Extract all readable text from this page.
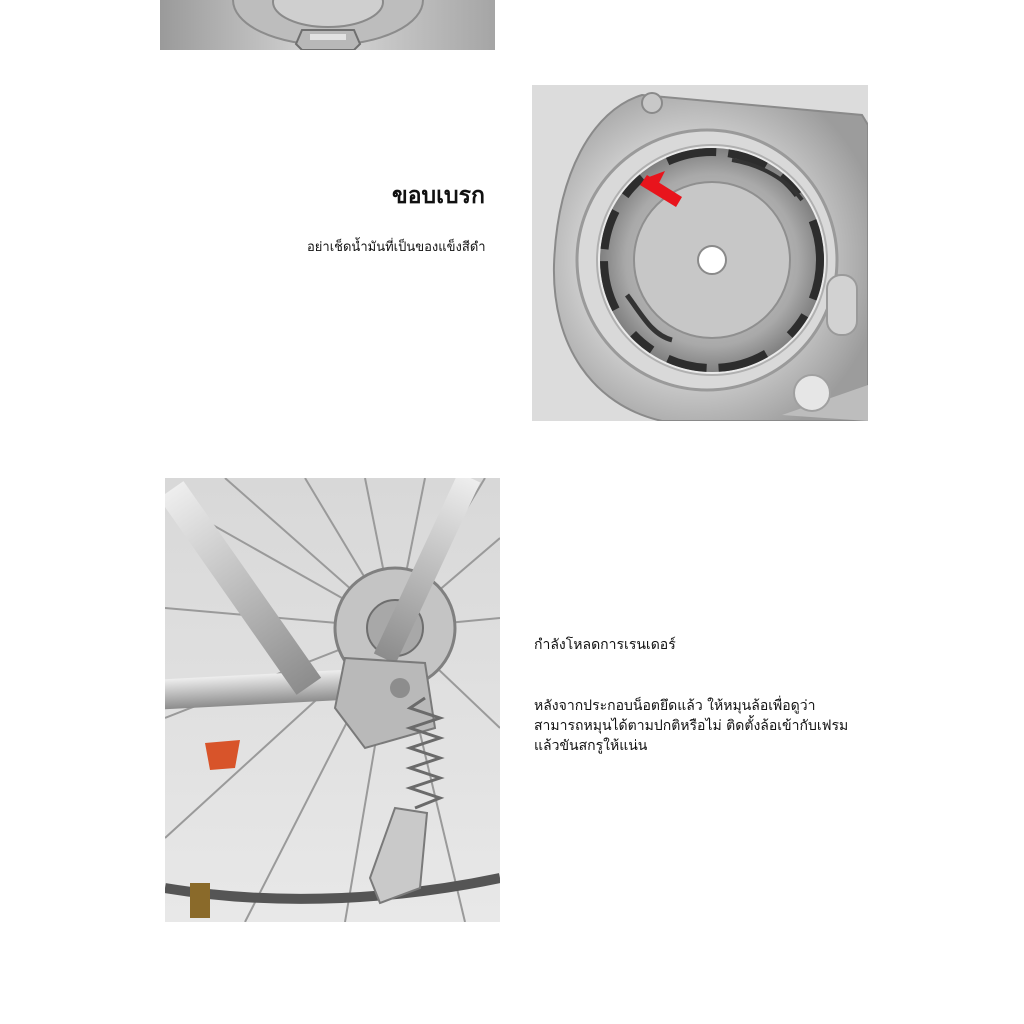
ขอบเบรก
อย่าเช็ดน้ำมันที่เป็นของแข็งสีดำ
กำลังโหลดการเรนเดอร์
หลังจากประกอบน็อตยึดแล้ว ให้หมุนล้อเพื่อดูว่าสามารถหมุนได้ตามปกติหรือไม่ ติดตั้งล้อเข้ากับเฟรมแล้วขันสกรูให้แน่น
